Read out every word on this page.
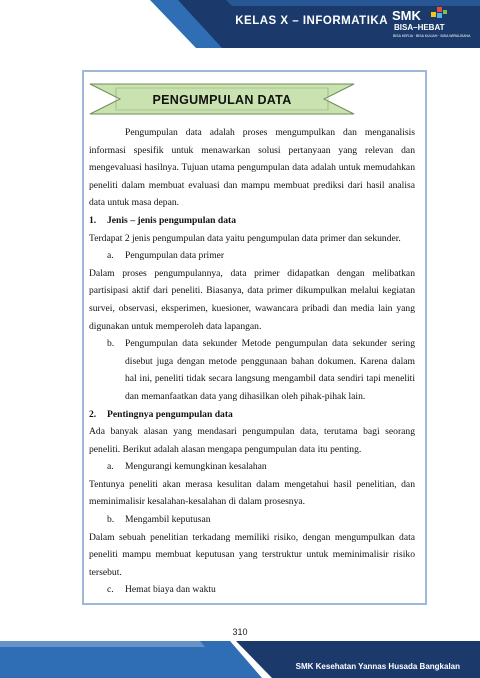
KELAS X – INFORMATIKA SMK
BISA–HEBAT
BISA KERJA · BISA KULIAH · BISA WIRAUSAHA
PENGUMPULAN DATA

Pengumpulan data adalah proses mengumpulkan dan menganalisis informasi spesifik untuk menawarkan solusi pertanyaan yang relevan dan mengevaluasi hasilnya. Tujuan utama pengumpulan data adalah untuk memudahkan peneliti dalam membuat evaluasi dan mampu membuat prediksi dari hasil analisa data untuk masa depan.

1.	Jenis – jenis pengumpulan data

Terdapat 2 jenis pengumpulan data yaitu pengumpulan data primer dan sekunder.

a.	Pengumpulan data primer

Dalam proses pengumpulannya, data primer didapatkan dengan melibatkan partisipasi aktif dari peneliti. Biasanya, data primer dikumpulkan melalui kegiatan survei, observasi, eksperimen, kuesioner, wawancara pribadi dan media lain yang digunakan untuk memperoleh data lapangan.

b.	Pengumpulan data sekunder Metode pengumpulan data sekunder sering disebut juga dengan metode penggunaan bahan dokumen. Karena dalam hal ini, peneliti tidak secara langsung mengambil data sendiri tapi meneliti dan memanfaatkan data yang dihasilkan oleh pihak-pihak lain.
2.	Pentingnya pengumpulan data

Ada banyak alasan yang mendasari pengumpulan data, terutama bagi seorang peneliti. Berikut adalah alasan mengapa pengumpulan data itu penting.

a.	Mengurangi kemungkinan kesalahan

Tentunya peneliti akan merasa kesulitan dalam mengetahui hasil penelitian, dan meminimalisir kesalahan-kesalahan di dalam prosesnya.

b.	Mengambil keputusan

Dalam sebuah penelitian terkadang memiliki risiko, dengan mengumpulkan data peneliti mampu membuat keputusan yang terstruktur untuk meminimalisir risiko tersebut.

c.	Hemat biaya dan waktu
310
SMK Kesehatan Yannas Husada Bangkalan
